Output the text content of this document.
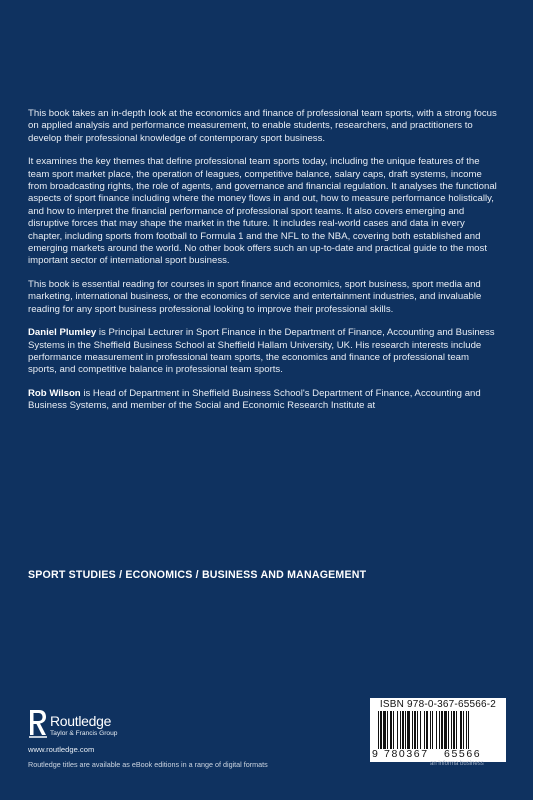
This book takes an in-depth look at the economics and finance of professional team sports, with a strong focus on applied analysis and performance measurement, to enable students, researchers, and practitioners to develop their professional knowledge of contemporary sport business.

It examines the key themes that define professional team sports today, including the unique features of the team sport market place, the operation of leagues, competitive balance, salary caps, draft systems, income from broadcasting rights, the role of agents, and governance and financial regulation. It analyses the functional aspects of sport finance including where the money flows in and out, how to measure performance holistically, and how to interpret the financial performance of professional sport teams. It also covers emerging and disruptive forces that may shape the market in the future. It includes real-world cases and data in every chapter, including sports from football to Formula 1 and the NFL to the NBA, covering both established and emerging markets around the world. No other book offers such an up-to-date and practical guide to the most important sector of international sport business.

This book is essential reading for courses in sport finance and economics, sport business, sport media and marketing, international business, or the economics of service and entertainment industries, and invaluable reading for any sport business professional looking to improve their professional skills.

Daniel Plumley is Principal Lecturer in Sport Finance in the Department of Finance, Accounting and Business Systems in the Sheffield Business School at Sheffield Hallam University, UK. His research interests include performance measurement in professional team sports, the economics and finance of professional team sports, and competitive balance in professional team sports.

Rob Wilson is Head of Department in Sheffield Business School's Department of Finance, Accounting and Business Systems, and member of the Social and Economic Research Institute at

SPORT STUDIES / ECONOMICS / BUSINESS AND MANAGEMENT
Routledge
Taylor & Francis Group
www.routledge.com
Routledge titles are available as eBook editions in a range of digital formats
ISBN 978-0-367-65566-2
9 780367 65566
an informa business
